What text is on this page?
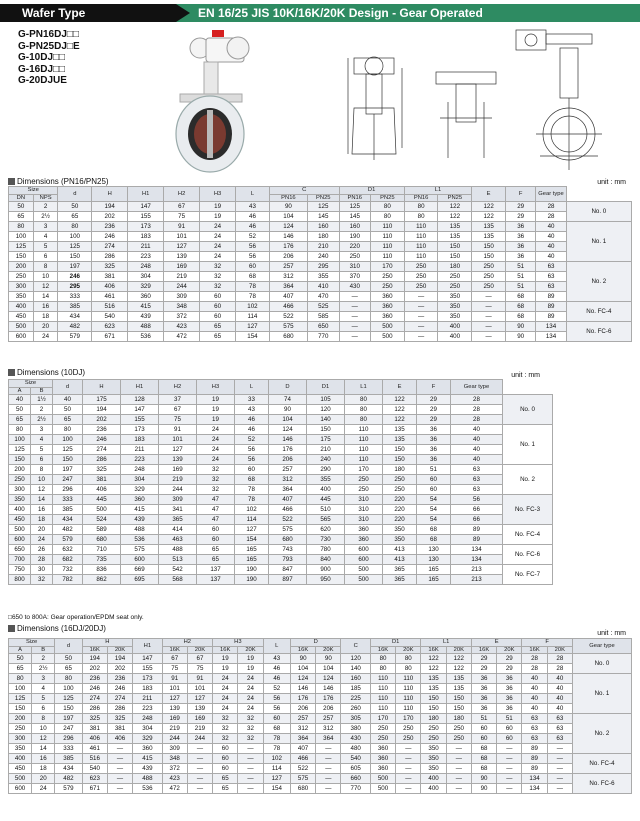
EN 16/25 JIS 10K/16K/20K Design - Gear Operated
Wafer Type
G-PN16DJ□□
G-PN25DJ□E
G-10DJ□□
G-16DJ□□
G-20DJUE
Dimensions (PN16/PN25)	unit : mm
Size		d	H	H1	H2	H3	L	C		D1		L1		E	F	Gear type	
DN	NPS							PN16	PN25	PN16	PN25	PN16	PN25				
50	2	50	194	147	67	19	43	90	125	125	80	80	122	122	29	28	No. 0
65	2½	65	202	155	75	19	46	104	145	145	80	80	122	122	29	28	
80	3	80	236	173	91	24	46	124	160	160	110	110	135	135	36	40	No. 1
100	4	100	246	183	101	24	52	146	180	190	110	110	135	135	36	40	
125	5	125	274	211	127	24	56	176	210	220	110	110	150	150	36	40	
150	6	150	286	223	139	24	56	206	240	250	110	110	150	150	36	40	
200	8	197	325	248	169	32	60	257	295	310	170	250	180	250	51	63	No. 2
250	10	246	381	304	219	32	68	312	355	370	250	250	250	250	51	63	
300	12	295	406	329	244	32	78	364	410	430	250	250	250	250	51	63	
350	14	333	461	360	309	60	78	407	470	—	360	—	350	—	68	89	
400	16	385	516	415	348	60	102	466	525	—	360	—	350	—	68	89	No. FC-4
450	18	434	540	439	372	60	114	522	585	—	360	—	350	—	68	89	
500	20	482	623	488	423	65	127	575	650	—	500	—	400	—	90	134	No. FC-6
600	24	579	671	536	472	65	154	680	770	—	500	—	400	—	90	134	
Dimensions (10DJ)	unit : mm
Size		d	H	H1	H2	H3	L	D	D1	L1	E	F	Gear type	
A	B													
40	1½	40	175	128	37	19	33	74	105	80	122	29	28	No. 0
50	2	50	194	147	67	19	43	90	120	80	122	29	28	
65	2½	65	202	155	75	19	46	104	140	80	122	29	28	
80	3	80	236	173	91	24	46	124	150	110	135	36	40	No. 1
100	4	100	246	183	101	24	52	146	175	110	135	36	40	
125	5	125	274	211	127	24	56	176	210	110	150	36	40	
150	6	150	286	223	139	24	56	206	240	110	150	36	40	
200	8	197	325	248	169	32	60	257	290	170	180	51	63	No. 2
250	10	247	381	304	219	32	68	312	355	250	250	60	63	
300	12	296	406	329	244	32	78	364	400	250	250	60	63	
350	14	333	445	360	309	47	78	407	445	310	220	54	56	No. FC-3
400	16	385	500	415	341	47	102	466	510	310	220	54	66	
450	18	434	524	439	365	47	114	522	565	310	220	54	66	
500	20	482	589	488	414	60	127	575	620	360	350	68	89	No. FC-4
600	24	579	680	536	463	60	154	680	730	360	350	68	89	
650	26	632	710	575	488	65	165	743	780	600	413	130	134	No. FC-6
700	28	682	735	600	513	65	165	793	840	600	413	130	134	
750	30	732	836	669	542	137	190	847	900	500	365	165	213	No. FC-7
800	32	782	862	695	568	137	190	897	950	500	365	165	213	
□650 to 800A: Gear operation/EPDM seat only.
Dimensions (16DJ/20DJ)
unit : mm
Size		d	H		H1	H2		H3		L	D		C	D1		L1		E		F		Gear type
A	B		16K	20K		16K	20K	16K	20K		16K	20K		16K	20K	16K	20K	16K	20K	16K	20K	
50	2	50	194	194	147	67	67	19	19	43	90	90	120	80	80	122	122	29	29	28	28	No. 0
65	2½	65	202	202	155	75	75	19	19	46	104	104	140	80	80	122	122	29	29	28	28	
80	3	80	236	236	173	91	91	24	24	46	124	124	160	110	110	135	135	36	36	40	40	No. 1
100	4	100	246	246	183	101	101	24	24	52	146	146	185	110	110	135	135	36	36	40	40	
125	5	125	274	274	211	127	127	24	24	56	176	176	225	110	110	150	150	36	36	40	40	
150	6	150	286	286	223	139	139	24	24	56	206	206	260	110	110	150	150	36	36	40	40	
200	8	197	325	325	248	169	169	32	32	60	257	257	305	170	170	180	180	51	51	63	63	No. 2
250	10	247	381	381	304	219	219	32	32	68	312	312	380	250	250	250	250	60	60	63	63	
300	12	296	406	406	329	244	244	32	32	78	364	364	430	250	250	250	250	60	60	63	63	
350	14	333	461	—	360	309	—	60	—	78	407	—	480	360	—	350	—	68	—	89	—	
400	16	385	516	—	415	348	—	60	—	102	466	—	540	360	—	350	—	68	—	89	—	No. FC-4
450	18	434	540	—	439	372	—	60	—	114	522	—	605	360	—	350	—	68	—	89	—	
500	20	482	623	—	488	423	—	65	—	127	575	—	660	500	—	400	—	90	—	134	—	No. FC-6
600	24	579	671	—	536	472	—	65	—	154	680	—	770	500	—	400	—	90	—	134	—	
